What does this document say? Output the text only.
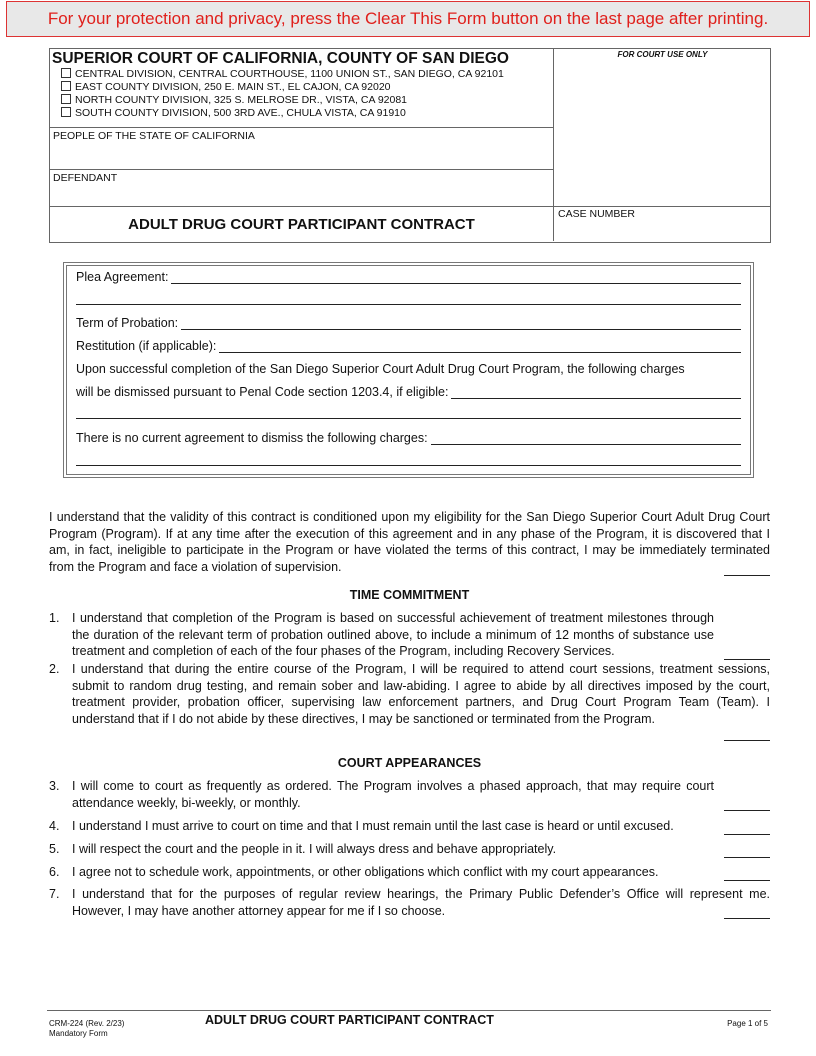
For your protection and privacy, press the Clear This Form button on the last page after printing.
SUPERIOR COURT OF CALIFORNIA, COUNTY OF SAN DIEGO
CENTRAL DIVISION, CENTRAL COURTHOUSE, 1100 UNION ST., SAN DIEGO, CA 92101
EAST COUNTY DIVISION, 250 E. MAIN ST., EL CAJON, CA 92020
NORTH COUNTY DIVISION, 325 S. MELROSE DR., VISTA, CA 92081
SOUTH COUNTY DIVISION, 500 3RD AVE., CHULA VISTA, CA 91910
FOR COURT USE ONLY
PEOPLE OF THE STATE OF CALIFORNIA
DEFENDANT
ADULT DRUG COURT PARTICIPANT CONTRACT
CASE NUMBER
Plea Agreement:
Term of Probation:
Restitution (if applicable):
Upon successful completion of the San Diego Superior Court Adult Drug Court Program, the following charges
will be dismissed pursuant to Penal Code section 1203.4, if eligible:
There is no current agreement to dismiss the following charges:
I understand that the validity of this contract is conditioned upon my eligibility for the San Diego Superior Court Adult Drug Court Program (Program). If at any time after the execution of this agreement and in any phase of the Program, it is discovered that I am, in fact, ineligible to participate in the Program or have violated the terms of this contract, I may be immediately terminated from the Program and face a violation of supervision.
TIME COMMITMENT
1. I understand that completion of the Program is based on successful achievement of treatment milestones through the duration of the relevant term of probation outlined above, to include a minimum of 12 months of substance use treatment and completion of each of the four phases of the Program, including Recovery Services.
2. I understand that during the entire course of the Program, I will be required to attend court sessions, treatment sessions, submit to random drug testing, and remain sober and law-abiding. I agree to abide by all directives imposed by the court, treatment provider, probation officer, supervising law enforcement partners, and Drug Court Program Team (Team). I understand that if I do not abide by these directives, I may be sanctioned or terminated from the Program.
COURT APPEARANCES
3. I will come to court as frequently as ordered. The Program involves a phased approach, that may require court attendance weekly, bi-weekly, or monthly.
4. I understand I must arrive to court on time and that I must remain until the last case is heard or until excused.
5. I will respect the court and the people in it. I will always dress and behave appropriately.
6. I agree not to schedule work, appointments, or other obligations which conflict with my court appearances.
7. I understand that for the purposes of regular review hearings, the Primary Public Defender’s Office will represent me. However, I may have another attorney appear for me if I so choose.
CRM-224 (Rev. 2/23)
Mandatory Form
ADULT DRUG COURT PARTICIPANT CONTRACT	Page 1 of 5
